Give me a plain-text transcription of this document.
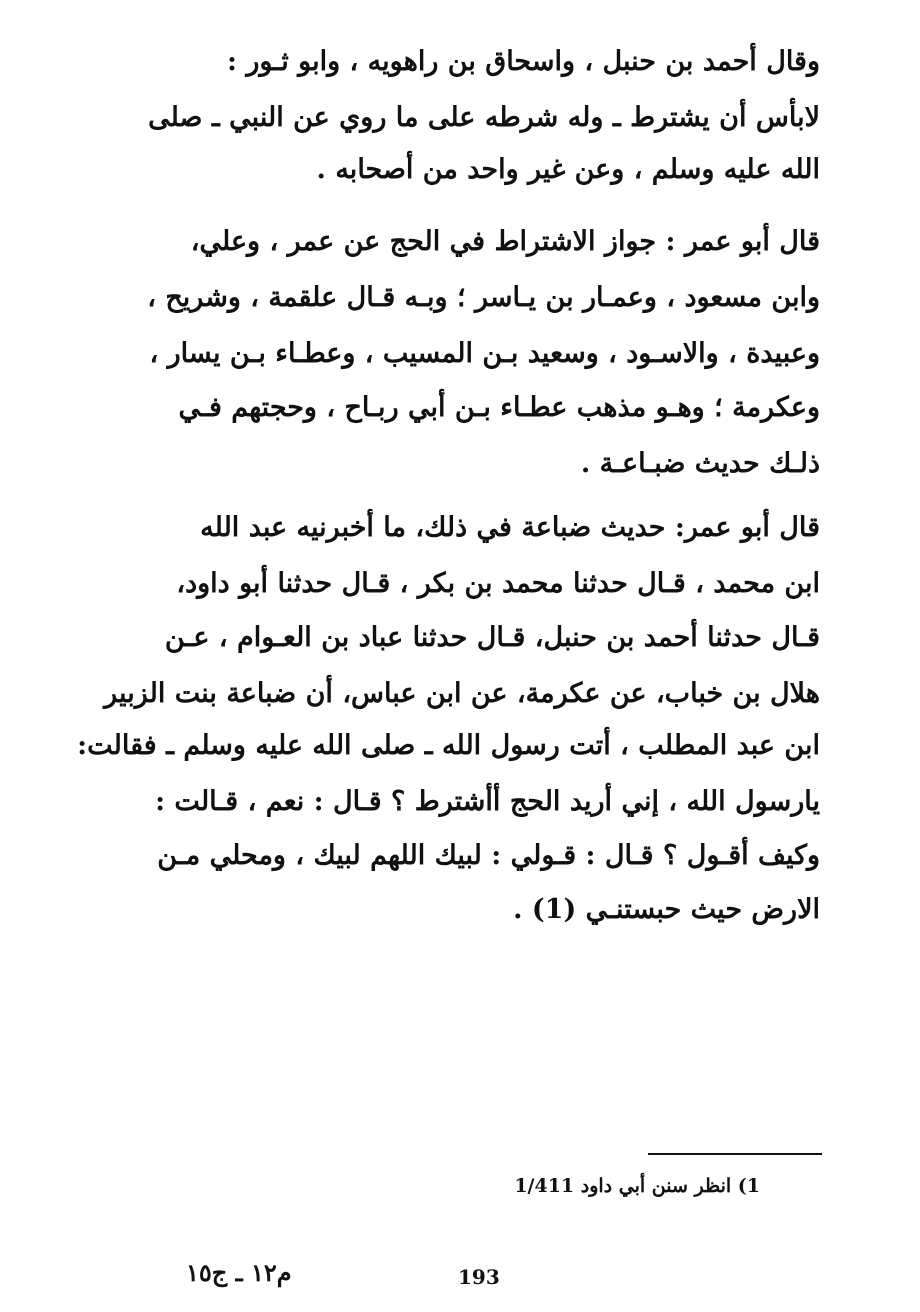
وقال أحمد بن حنبل ، واسحاق بن راهويه ، وابو ثـور :
لابأس أن يشترط ـ وله شرطه على ما روي عن النبي ـ صلى
الله عليه وسلم ، وعن غير واحد من أصحابه .
قال أبو عمر : جواز الاشتراط في الحج عن عمر ، وعلي،
وابن مسعود ، وعمـار بن يـاسر ؛ وبـه قـال علقمة ، وشريح ،
وعبيدة ، والاسـود ، وسعيد بـن المسيب ، وعطـاء بـن يسار ،
وعكرمة ؛ وهـو مذهب عطـاء بـن أبي ربـاح ، وحجتهم فـي
ذلـك حديث ضبـاعـة .
قال أبو عمر: حديث ضباعة في ذلك، ما أخبرنيه عبد الله
ابن محمد ، قـال حدثنا محمد بن بكر ، قـال حدثنا أبو داود،
قـال حدثنا أحمد بن حنبل، قـال حدثنا عباد بن العـوام ، عـن
هلال بن خباب، عن عكرمة، عن ابن عباس، أن ضباعة بنت الزبير
ابن عبد المطلب ، أتت رسول الله ـ صلى الله عليه وسلم ـ فقالت:
يارسول الله ، إني أريد الحج أأشترط ؟ قـال : نعم ، قـالت :
وكيف أقـول ؟ قـال : قـولي : لبيك اللهم لبيك ، ومحلي مـن
الارض حيث حبستنـي (1) .
1) انظر سنن أبي داود 1/411
م١٢ ـ ج١٥	193
